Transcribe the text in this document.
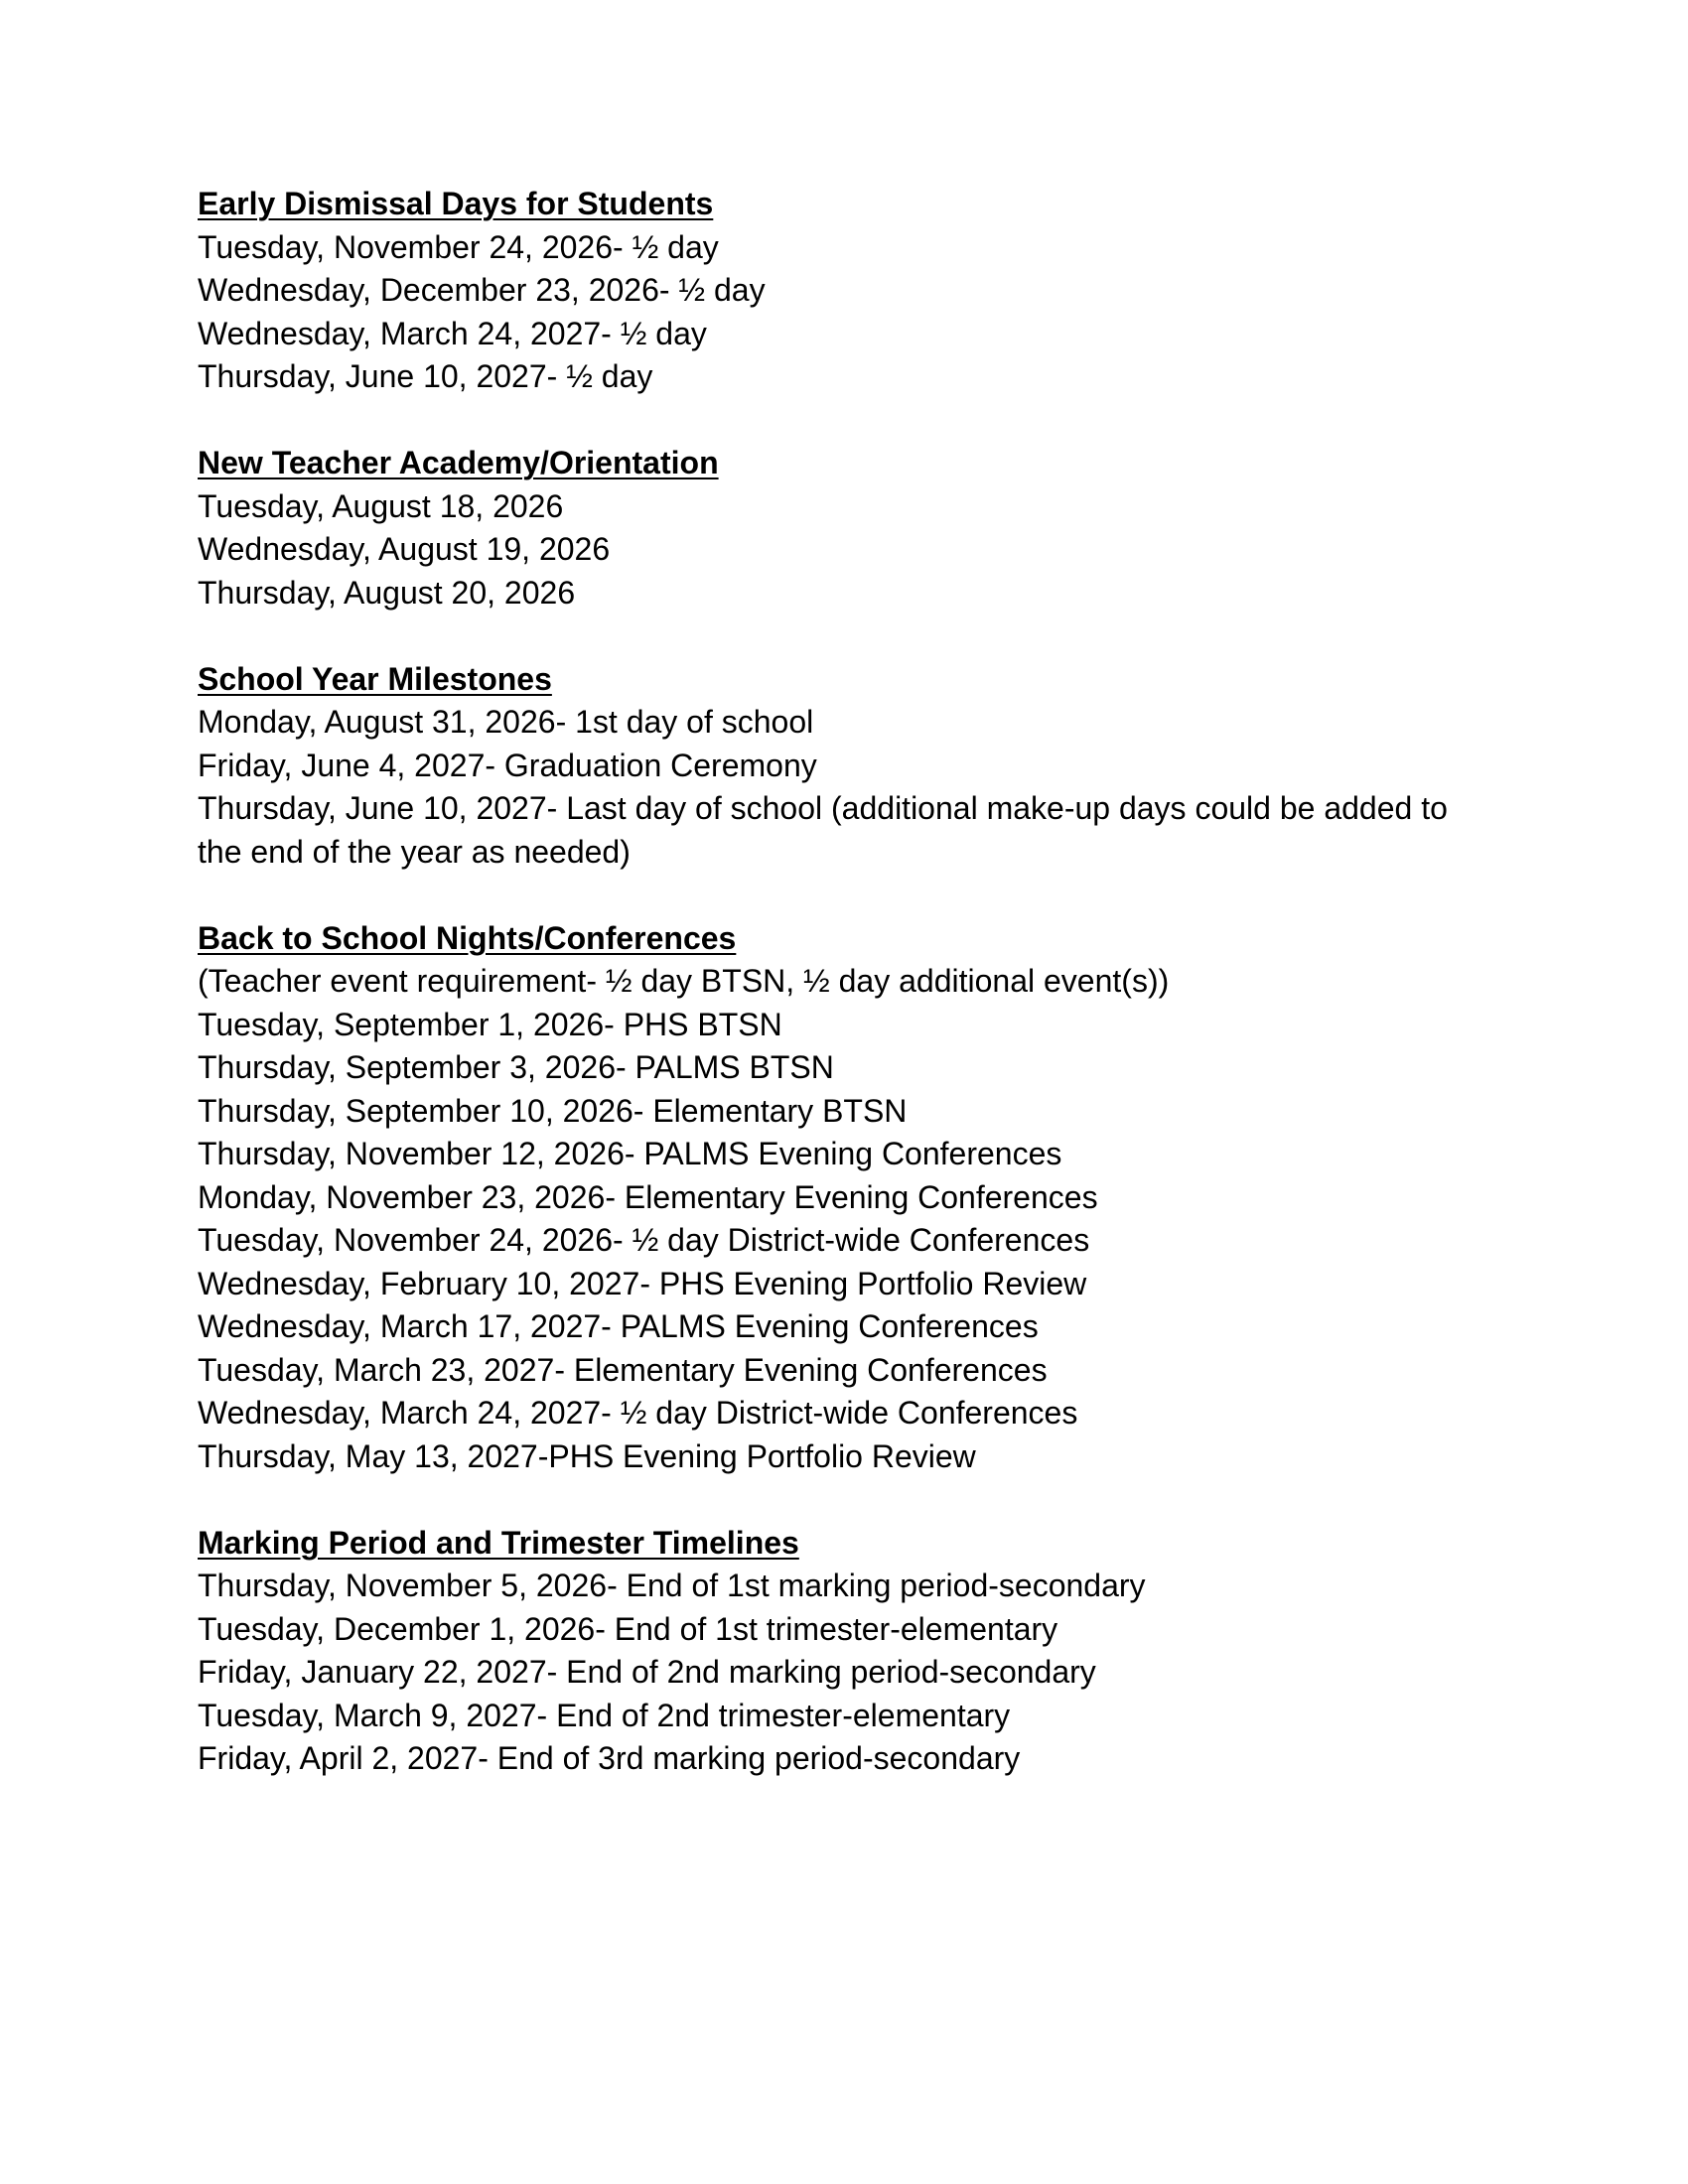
Early Dismissal Days for Students
Tuesday, November 24, 2026- ½ day
Wednesday, December 23, 2026- ½ day
Wednesday, March 24, 2027- ½ day
Thursday, June 10, 2027- ½ day
New Teacher Academy/Orientation
Tuesday, August 18, 2026
Wednesday, August 19, 2026
Thursday, August 20, 2026
School Year Milestones
Monday, August 31, 2026- 1st day of school
Friday, June 4, 2027- Graduation Ceremony
Thursday, June 10, 2027- Last day of school (additional make-up days could be added to the end of the year as needed)
Back to School Nights/Conferences
(Teacher event requirement- ½ day BTSN, ½ day additional event(s))
Tuesday, September 1, 2026- PHS BTSN
Thursday, September 3, 2026- PALMS BTSN
Thursday, September 10, 2026- Elementary BTSN
Thursday, November 12, 2026- PALMS Evening Conferences
Monday, November 23, 2026- Elementary Evening Conferences
Tuesday, November 24, 2026- ½ day District-wide Conferences
Wednesday, February 10, 2027- PHS Evening Portfolio Review
Wednesday, March 17, 2027- PALMS Evening Conferences
Tuesday, March 23, 2027- Elementary Evening Conferences
Wednesday, March 24, 2027- ½ day District-wide Conferences
Thursday, May 13, 2027-PHS Evening Portfolio Review
Marking Period and Trimester Timelines
Thursday, November 5, 2026- End of 1st marking period-secondary
Tuesday, December 1, 2026- End of 1st trimester-elementary
Friday, January 22, 2027- End of 2nd marking period-secondary
Tuesday, March 9, 2027- End of 2nd trimester-elementary
Friday, April 2, 2027- End of 3rd marking period-secondary
